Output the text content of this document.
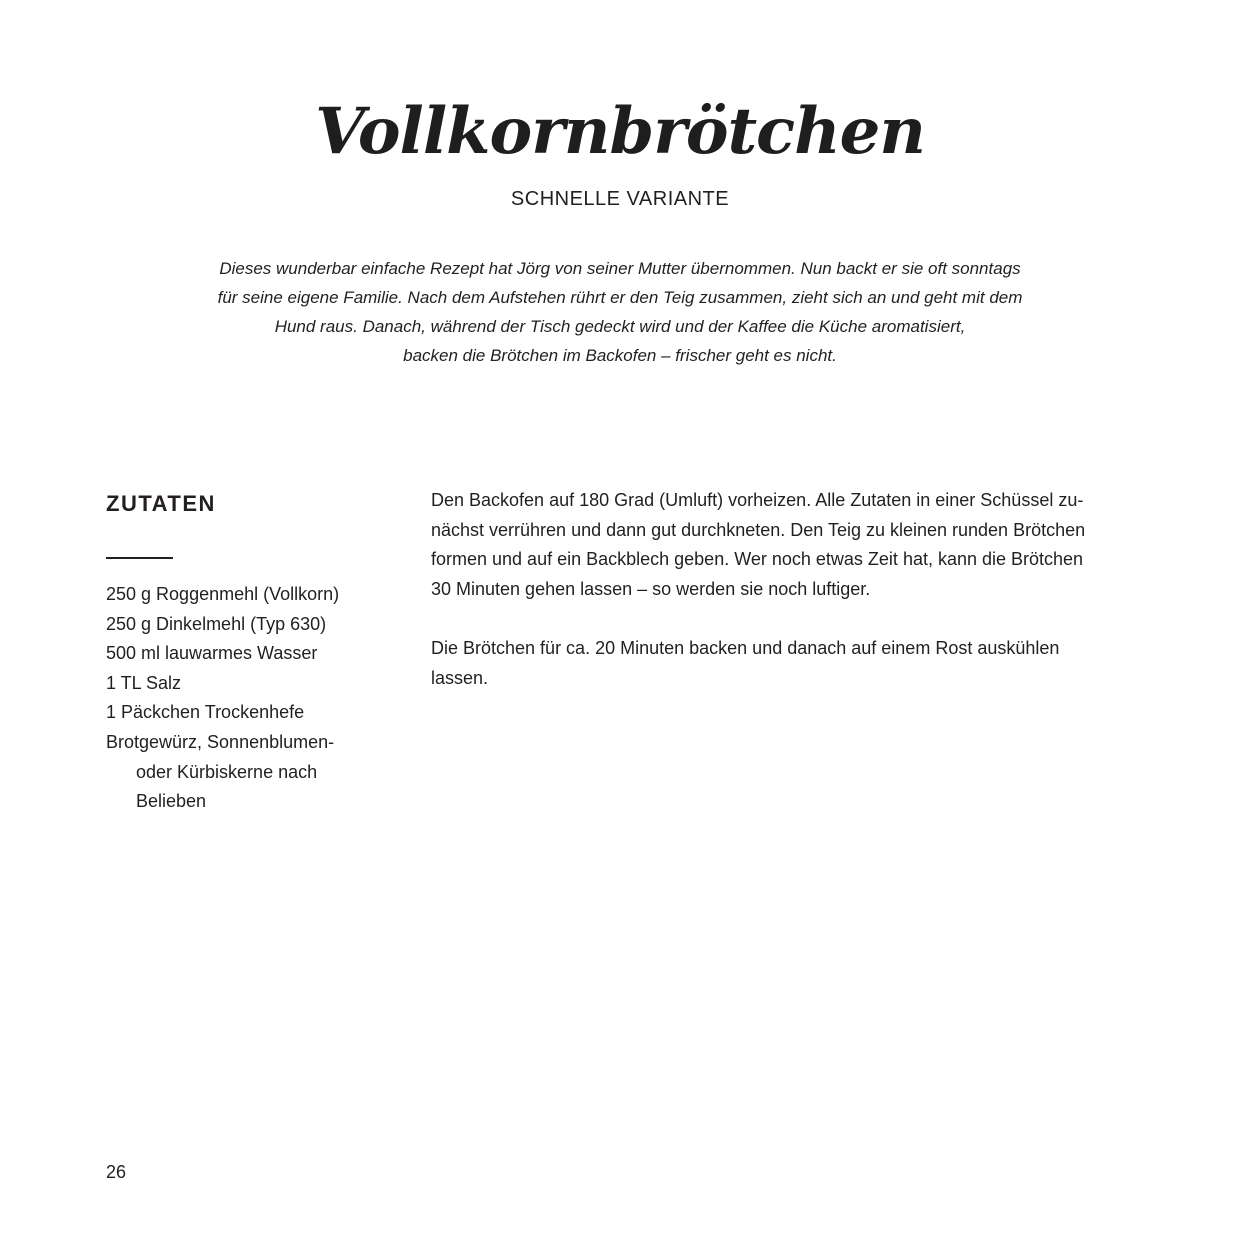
Vollkornbrötchen
SCHNELLE VARIANTE
Dieses wunderbar einfache Rezept hat Jörg von seiner Mutter übernommen. Nun backt er sie oft sonntags
für seine eigene Familie. Nach dem Aufstehen rührt er den Teig zusammen, zieht sich an und geht mit dem
Hund raus. Danach, während der Tisch gedeckt wird und der Kaffee die Küche aromatisiert,
backen die Brötchen im Backofen – frischer geht es nicht.
ZUTATEN
250 g Roggenmehl (Vollkorn)
250 g Dinkelmehl (Typ 630)
500 ml lauwarmes Wasser
1 TL Salz
1 Päckchen Trockenhefe
Brotgewürz, Sonnenblumen-
oder Kürbiskerne nach
Belieben

Den Backofen auf 180 Grad (Umluft) vorheizen. Alle Zutaten in einer Schüssel zu-
nächst verrühren und dann gut durchkneten. Den Teig zu kleinen runden Brötchen
formen und auf ein Backblech geben. Wer noch etwas Zeit hat, kann die Brötchen
30 Minuten gehen lassen – so werden sie noch luftiger.

Die Brötchen für ca. 20 Minuten backen und danach auf einem Rost auskühlen
lassen.

26
